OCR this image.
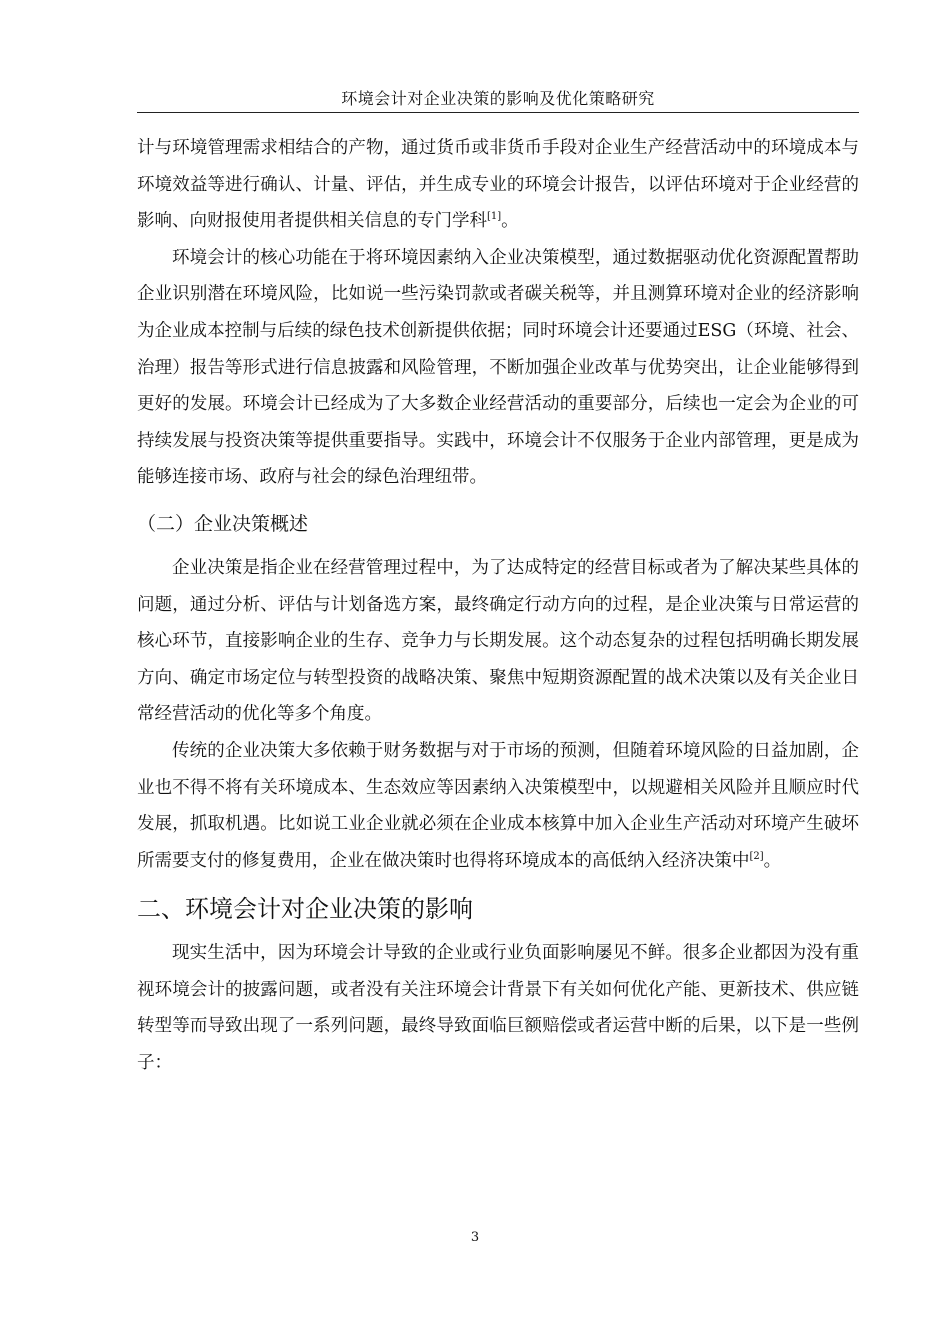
环境会计对企业决策的影响及优化策略研究

计与环境管理需求相结合的产物，通过货币或非货币手段对企业生产经营活动中的环境成本与环境效益等进行确认、计量、评估，并生成专业的环境会计报告，以评估环境对于企业经营的影响、向财报使用者提供相关信息的专门学科[1]。

环境会计的核心功能在于将环境因素纳入企业决策模型，通过数据驱动优化资源配置帮助企业识别潜在环境风险，比如说一些污染罚款或者碳关税等，并且测算环境对企业的经济影响为企业成本控制与后续的绿色技术创新提供依据；同时环境会计还要通过ESG（环境、社会、治理）报告等形式进行信息披露和风险管理，不断加强企业改革与优势突出，让企业能够得到更好的发展。环境会计已经成为了大多数企业经营活动的重要部分，后续也一定会为企业的可持续发展与投资决策等提供重要指导。实践中，环境会计不仅服务于企业内部管理，更是成为能够连接市场、政府与社会的绿色治理纽带。

（二）企业决策概述

企业决策是指企业在经营管理过程中，为了达成特定的经营目标或者为了解决某些具体的问题，通过分析、评估与计划备选方案，最终确定行动方向的过程，是企业决策与日常运营的核心环节，直接影响企业的生存、竞争力与长期发展。这个动态复杂的过程包括明确长期发展方向、确定市场定位与转型投资的战略决策、聚焦中短期资源配置的战术决策以及有关企业日常经营活动的优化等多个角度。

传统的企业决策大多依赖于财务数据与对于市场的预测，但随着环境风险的日益加剧，企业也不得不将有关环境成本、生态效应等因素纳入决策模型中，以规避相关风险并且顺应时代发展，抓取机遇。比如说工业企业就必须在企业成本核算中加入企业生产活动对环境产生破坏所需要支付的修复费用，企业在做决策时也得将环境成本的高低纳入经济决策中[2]。

二、环境会计对企业决策的影响

现实生活中，因为环境会计导致的企业或行业负面影响屡见不鲜。很多企业都因为没有重视环境会计的披露问题，或者没有关注环境会计背景下有关如何优化产能、更新技术、供应链转型等而导致出现了一系列问题，最终导致面临巨额赔偿或者运营中断的后果，以下是一些例子：

3
